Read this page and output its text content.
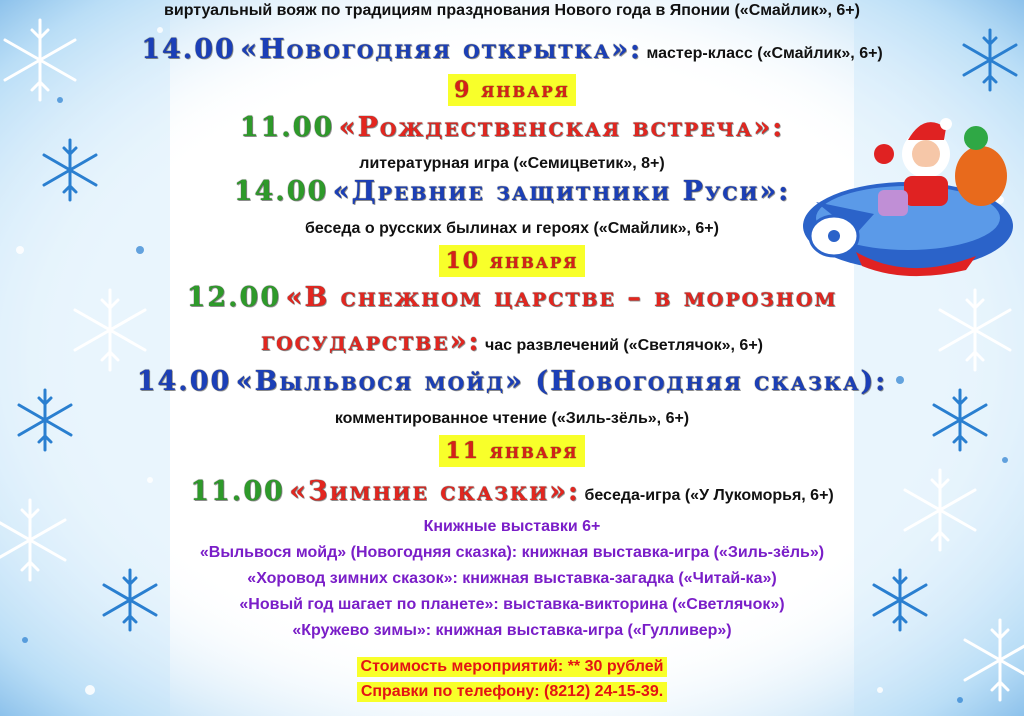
виртуальный вояж по традициям празднования Нового года в Японии («Смайлик», 6+)
14.00 «Новогодняя открытка»: мастер-класс («Смайлик», 6+)
9 января
11.00 «Рождественская встреча»:
литературная игра («Семицветик», 8+)
14.00 «Древние защитники Руси»:
беседа о русских былинах и героях («Смайлик», 6+)
10 января
12.00 «В снежном царстве – в морозном
государстве»: час развлечений («Светлячок», 6+)
14.00 «Выльвося мойд» (Новогодняя сказка):
комментированное чтение («Зиль-зёль», 6+)
11 января
11.00 «Зимние сказки»: беседа-игра («У Лукоморья, 6+)
Книжные выставки 6+
«Выльвося мойд» (Новогодняя сказка): книжная выставка-игра («Зиль-зёль»)
«Хоровод зимних сказок»: книжная выставка-загадка («Читай-ка»)
«Новый год шагает по планете»: выставка-викторина («Светлячок»)
«Кружево зимы»: книжная выставка-игра («Гулливер»)
Стоимость мероприятий: ** 30 рублей
Справки по телефону: (8212) 24-15-39.
